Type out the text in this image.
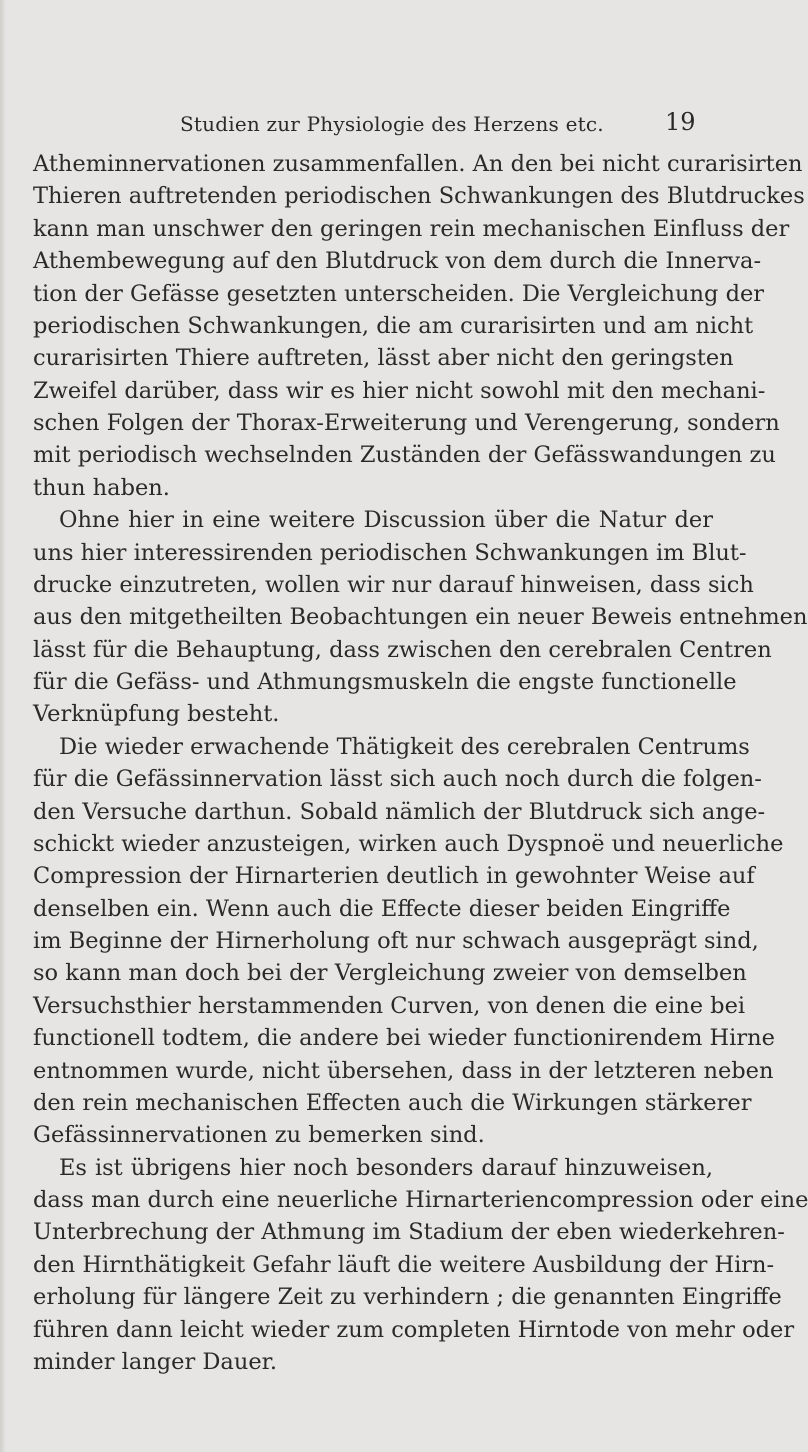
Studien zur Physiologie des Herzens etc.	19
Atheminnervationen zusammenfallen. An den bei nicht curarisirten
Thieren auftretenden periodischen Schwankungen des Blutdruckes
kann man unschwer den geringen rein mechanischen Einfluss der
Athembewegung auf den Blutdruck von dem durch die Innerva-
tion der Gefässe gesetzten unterscheiden. Die Vergleichung der
periodischen Schwankungen, die am curarisirten und am nicht
curarisirten Thiere auftreten, lässt aber nicht den geringsten
Zweifel darüber, dass wir es hier nicht sowohl mit den mechani-
schen Folgen der Thorax-Erweiterung und Verengerung, sondern
mit periodisch wechselnden Zuständen der Gefässwandungen zu
thun haben.
Ohne hier in eine weitere Discussion über die Natur der
uns hier interessirenden periodischen Schwankungen im Blut-
drucke einzutreten, wollen wir nur darauf hinweisen, dass sich
aus den mitgetheilten Beobachtungen ein neuer Beweis entnehmen
lässt für die Behauptung, dass zwischen den cerebralen Centren
für die Gefäss- und Athmungsmuskeln die engste functionelle
Verknüpfung besteht.
Die wieder erwachende Thätigkeit des cerebralen Centrums
für die Gefässinnervation lässt sich auch noch durch die folgen-
den Versuche darthun. Sobald nämlich der Blutdruck sich ange-
schickt wieder anzusteigen, wirken auch Dyspnoë und neuerliche
Compression der Hirnarterien deutlich in gewohnter Weise auf
denselben ein. Wenn auch die Effecte dieser beiden Eingriffe
im Beginne der Hirnerholung oft nur schwach ausgeprägt sind,
so kann man doch bei der Vergleichung zweier von demselben
Versuchsthier herstammenden Curven, von denen die eine bei
functionell todtem, die andere bei wieder functionirendem Hirne
entnommen wurde, nicht übersehen, dass in der letzteren neben
den rein mechanischen Effecten auch die Wirkungen stärkerer
Gefässinnervationen zu bemerken sind.
Es ist übrigens hier noch besonders darauf hinzuweisen,
dass man durch eine neuerliche Hirnarteriencompression oder eine
Unterbrechung der Athmung im Stadium der eben wiederkehren-
den Hirnthätigkeit Gefahr läuft die weitere Ausbildung der Hirn-
erholung für längere Zeit zu verhindern ; die genannten Eingriffe
führen dann leicht wieder zum completen Hirntode von mehr oder
minder langer Dauer.
